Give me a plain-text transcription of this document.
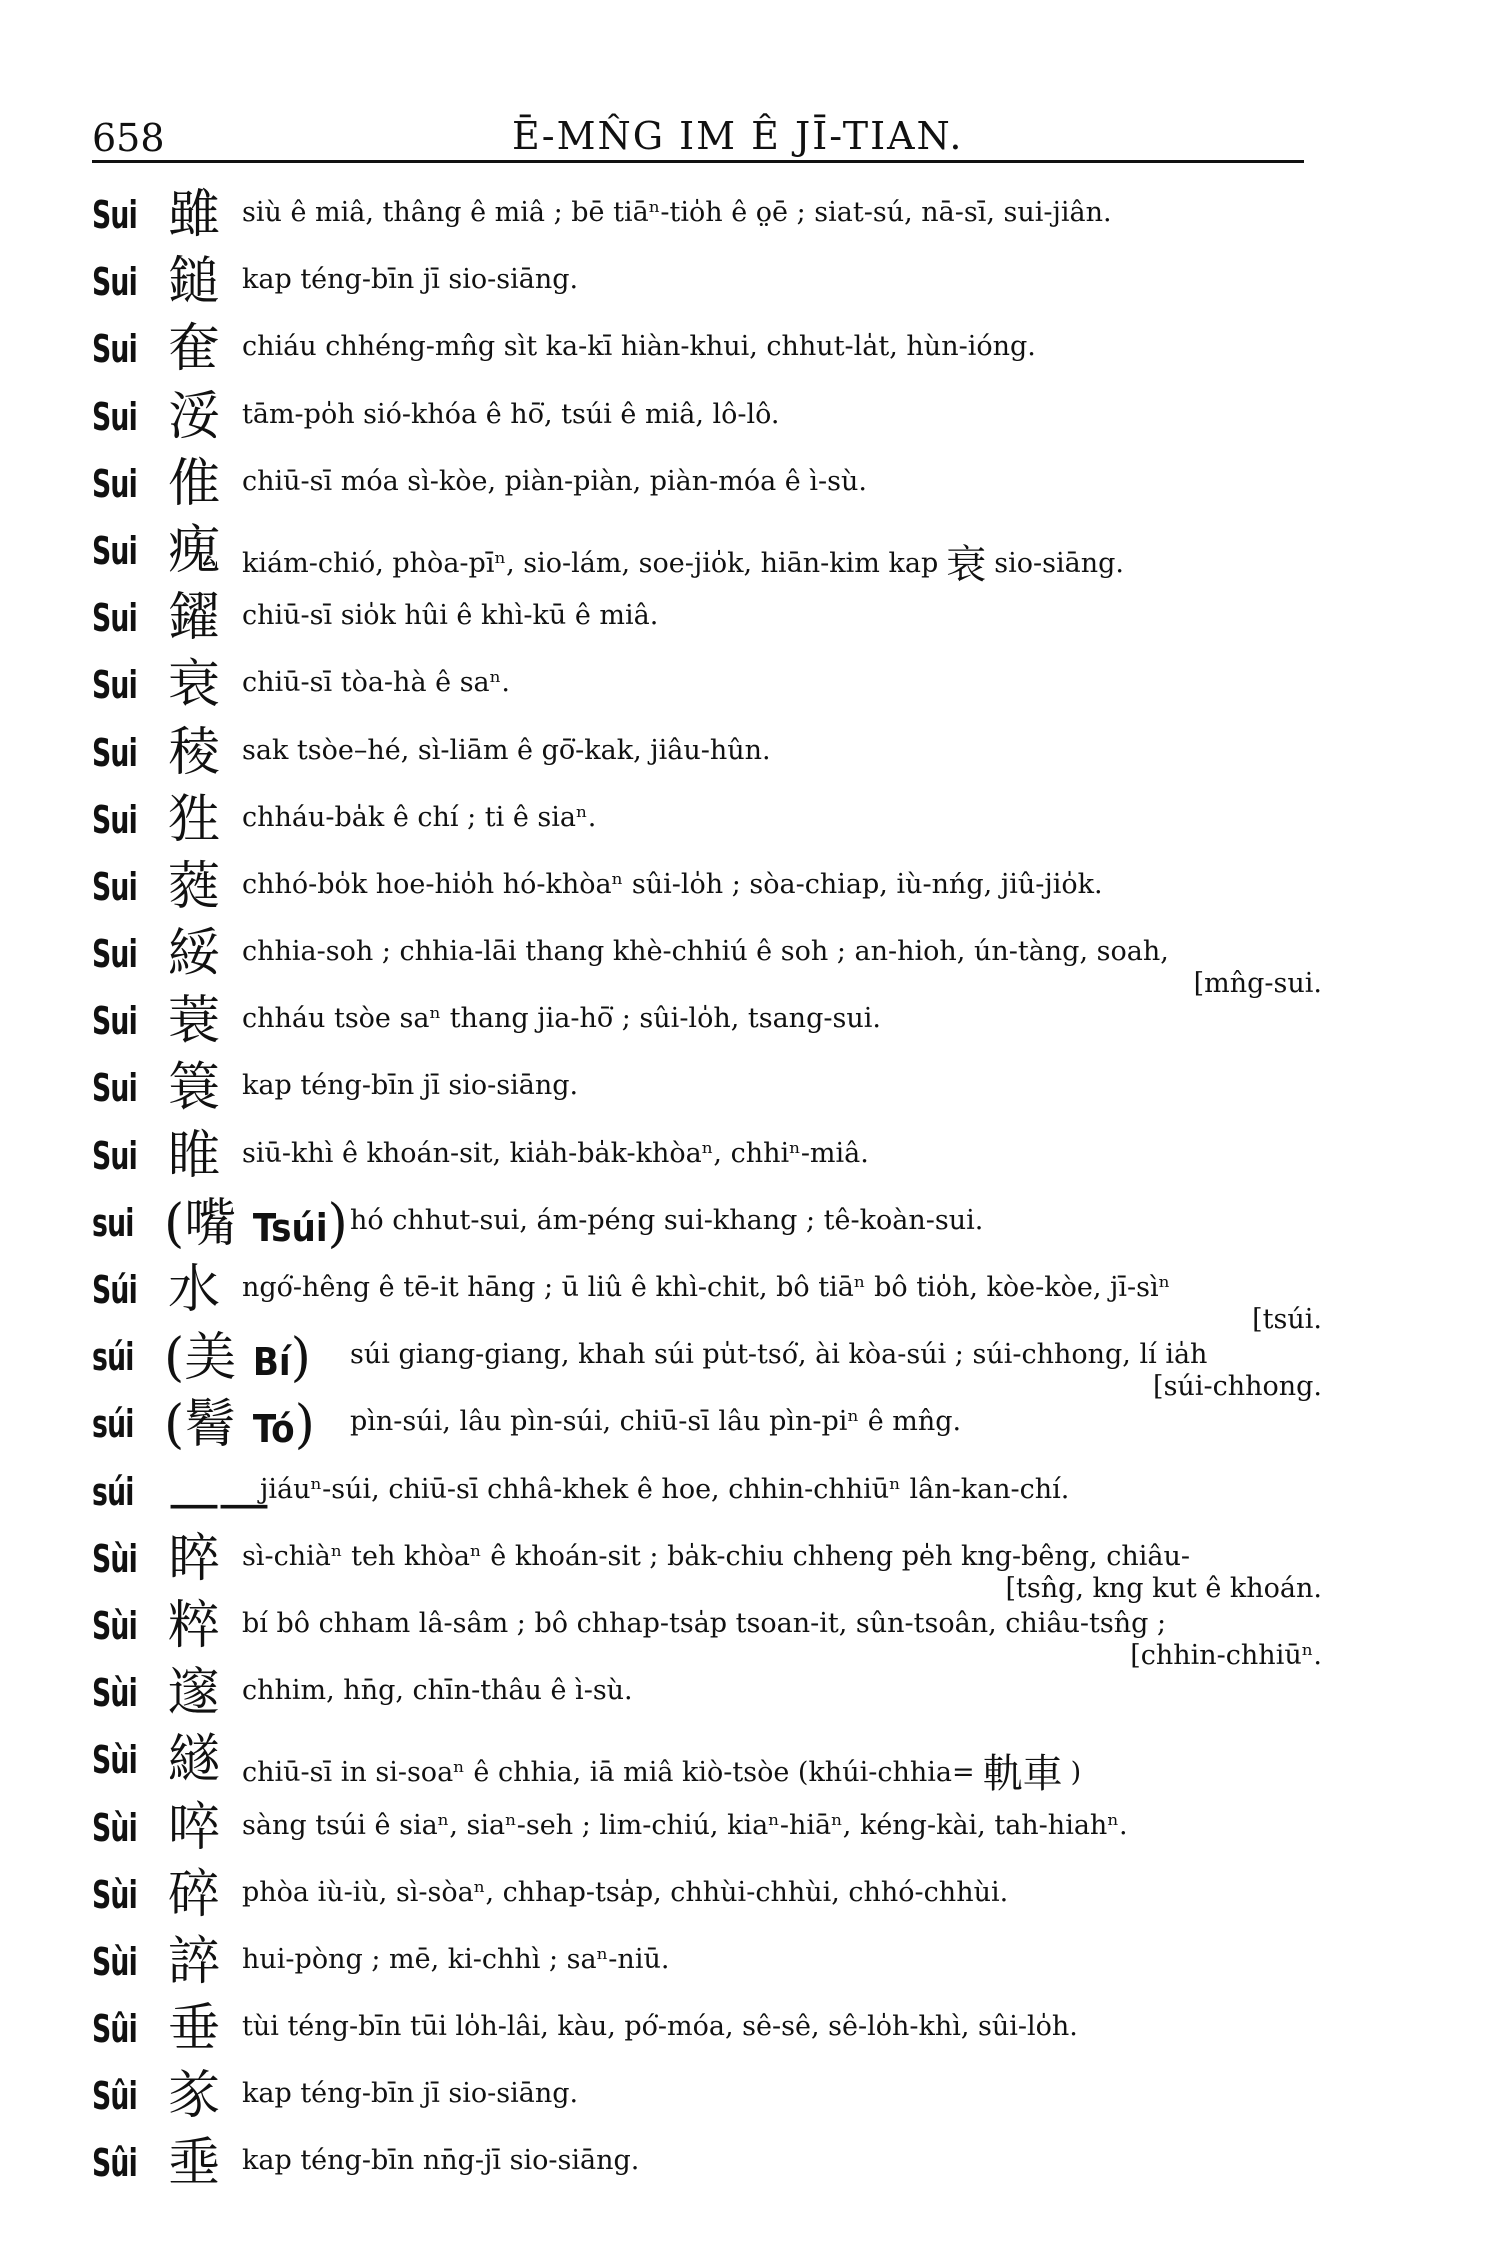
658	Ē-MN̂G IM Ê JĪ-TIAN.
Sui 雖 siù ê miâ, thâng ê miâ ; bē tiāⁿ-tio̍h ê o̤ē ; siat-sú, nā-sī, sui-jiân.
Sui 鎚 kap téng-bīn jī sio-siāng.
Sui 奞 chiáu chhéng-mn̂g sìt ka-kī hiàn-khui, chhut-la̍t, hùn-ióng.
Sui 浽 tām-po̍h sió-khóa ê hō͘, tsúi ê miâ, lô-lô.
Sui 倠 chiū-sī móa sì-kòe, piàn-piàn, piàn-móa ê ì-sù.
Sui 瘣 kiám-chió, phòa-pīⁿ, sio-lám, soe-jio̍k, hiān-kim kap 衰 sio-siāng.
Sui 鑃 chiū-sī sio̍k hûi ê khì-kū ê miâ.
Sui 衰 chiū-sī tòa-hà ê saⁿ.
Sui 稜 sak tsòe–hé, sì-liām ê gō͘-kak, jiâu-hûn.
Sui 狌 chháu-ba̍k ê chí ; ti ê siaⁿ.
Sui 蕤 chhó-bo̍k hoe-hio̍h hó-khòaⁿ sûi-lo̍h ; sòa-chiap, iù-nńg, jiû-jio̍k.
Sui 綏 chhia-soh ; chhia-lāi thang khè-chhiú ê soh ; an-hioh, ún-tàng, soah,
[mn̂g-sui.
Sui 蓑 chháu tsòe saⁿ thang jia-hō͘ ; sûi-lo̍h, tsang-sui.
Sui 簑 kap téng-bīn jī sio-siāng.
Sui 睢 siū-khì ê khoán-sit, kia̍h-ba̍k-khòaⁿ, chhiⁿ-miâ.
sui (嘴 Tsúi) hó chhut-sui, ám-péng sui-khang ; tê-koàn-sui.
Súi 水 ngó͘-hêng ê tē-it hāng ; ū liû ê khì-chit, bô tiāⁿ bô tio̍h, kòe-kòe, jī-sìⁿ
[tsúi.
súi (美 Bí) súi giang-giang, khah súi pu̍t-tsó͘, ài kòa-súi ; súi-chhong, lí ia̍h
[súi-chhong.
súi (鬌 Tó) pìn-súi, lâu pìn-súi, chiū-sī lâu pìn-piⁿ ê mn̂g.
súi ——
jiáuⁿ-súi, chiū-sī chhâ-khek ê hoe, chhin-chhiūⁿ lân-kan-chí.
Sùi 睟 sì-chiàⁿ teh khòaⁿ ê khoán-sit ; ba̍k-chiu chheng pe̍h kng-bêng, chiâu-
[tsn̂g, kng kut ê khoán.
Sùi 粹 bí bô chham lâ-sâm ; bô chhap-tsa̍p tsoan-it, sûn-tsoân, chiâu-tsn̂g ;
[chhin-chhiūⁿ.
Sùi 邃 chhim, hn̄g, chīn-thâu ê ì-sù.
Sùi 繸 chiū-sī in si-soaⁿ ê chhia, iā miâ kiò-tsòe (khúi-chhia= 軌車 )
Sùi 啐 sàng tsúi ê siaⁿ, siaⁿ-seh ; lim-chiú, kiaⁿ-hiāⁿ, kéng-kài, tah-hiahⁿ.
Sùi 碎 phòa iù-iù, sì-sòaⁿ, chhap-tsa̍p, chhùi-chhùi, chhó-chhùi.
Sùi 誶 hui-pòng ; mē, ki-chhì ; saⁿ-niū.
Sûi 垂 tùi téng-bīn tūi lo̍h-lâi, kàu, pó͘-móa, sê-sê, sê-lo̍h-khì, sûi-lo̍h.
Sûi 㒸 kap téng-bīn jī sio-siāng.
Sûi 埀 kap téng-bīn nn̄g-jī sio-siāng.
